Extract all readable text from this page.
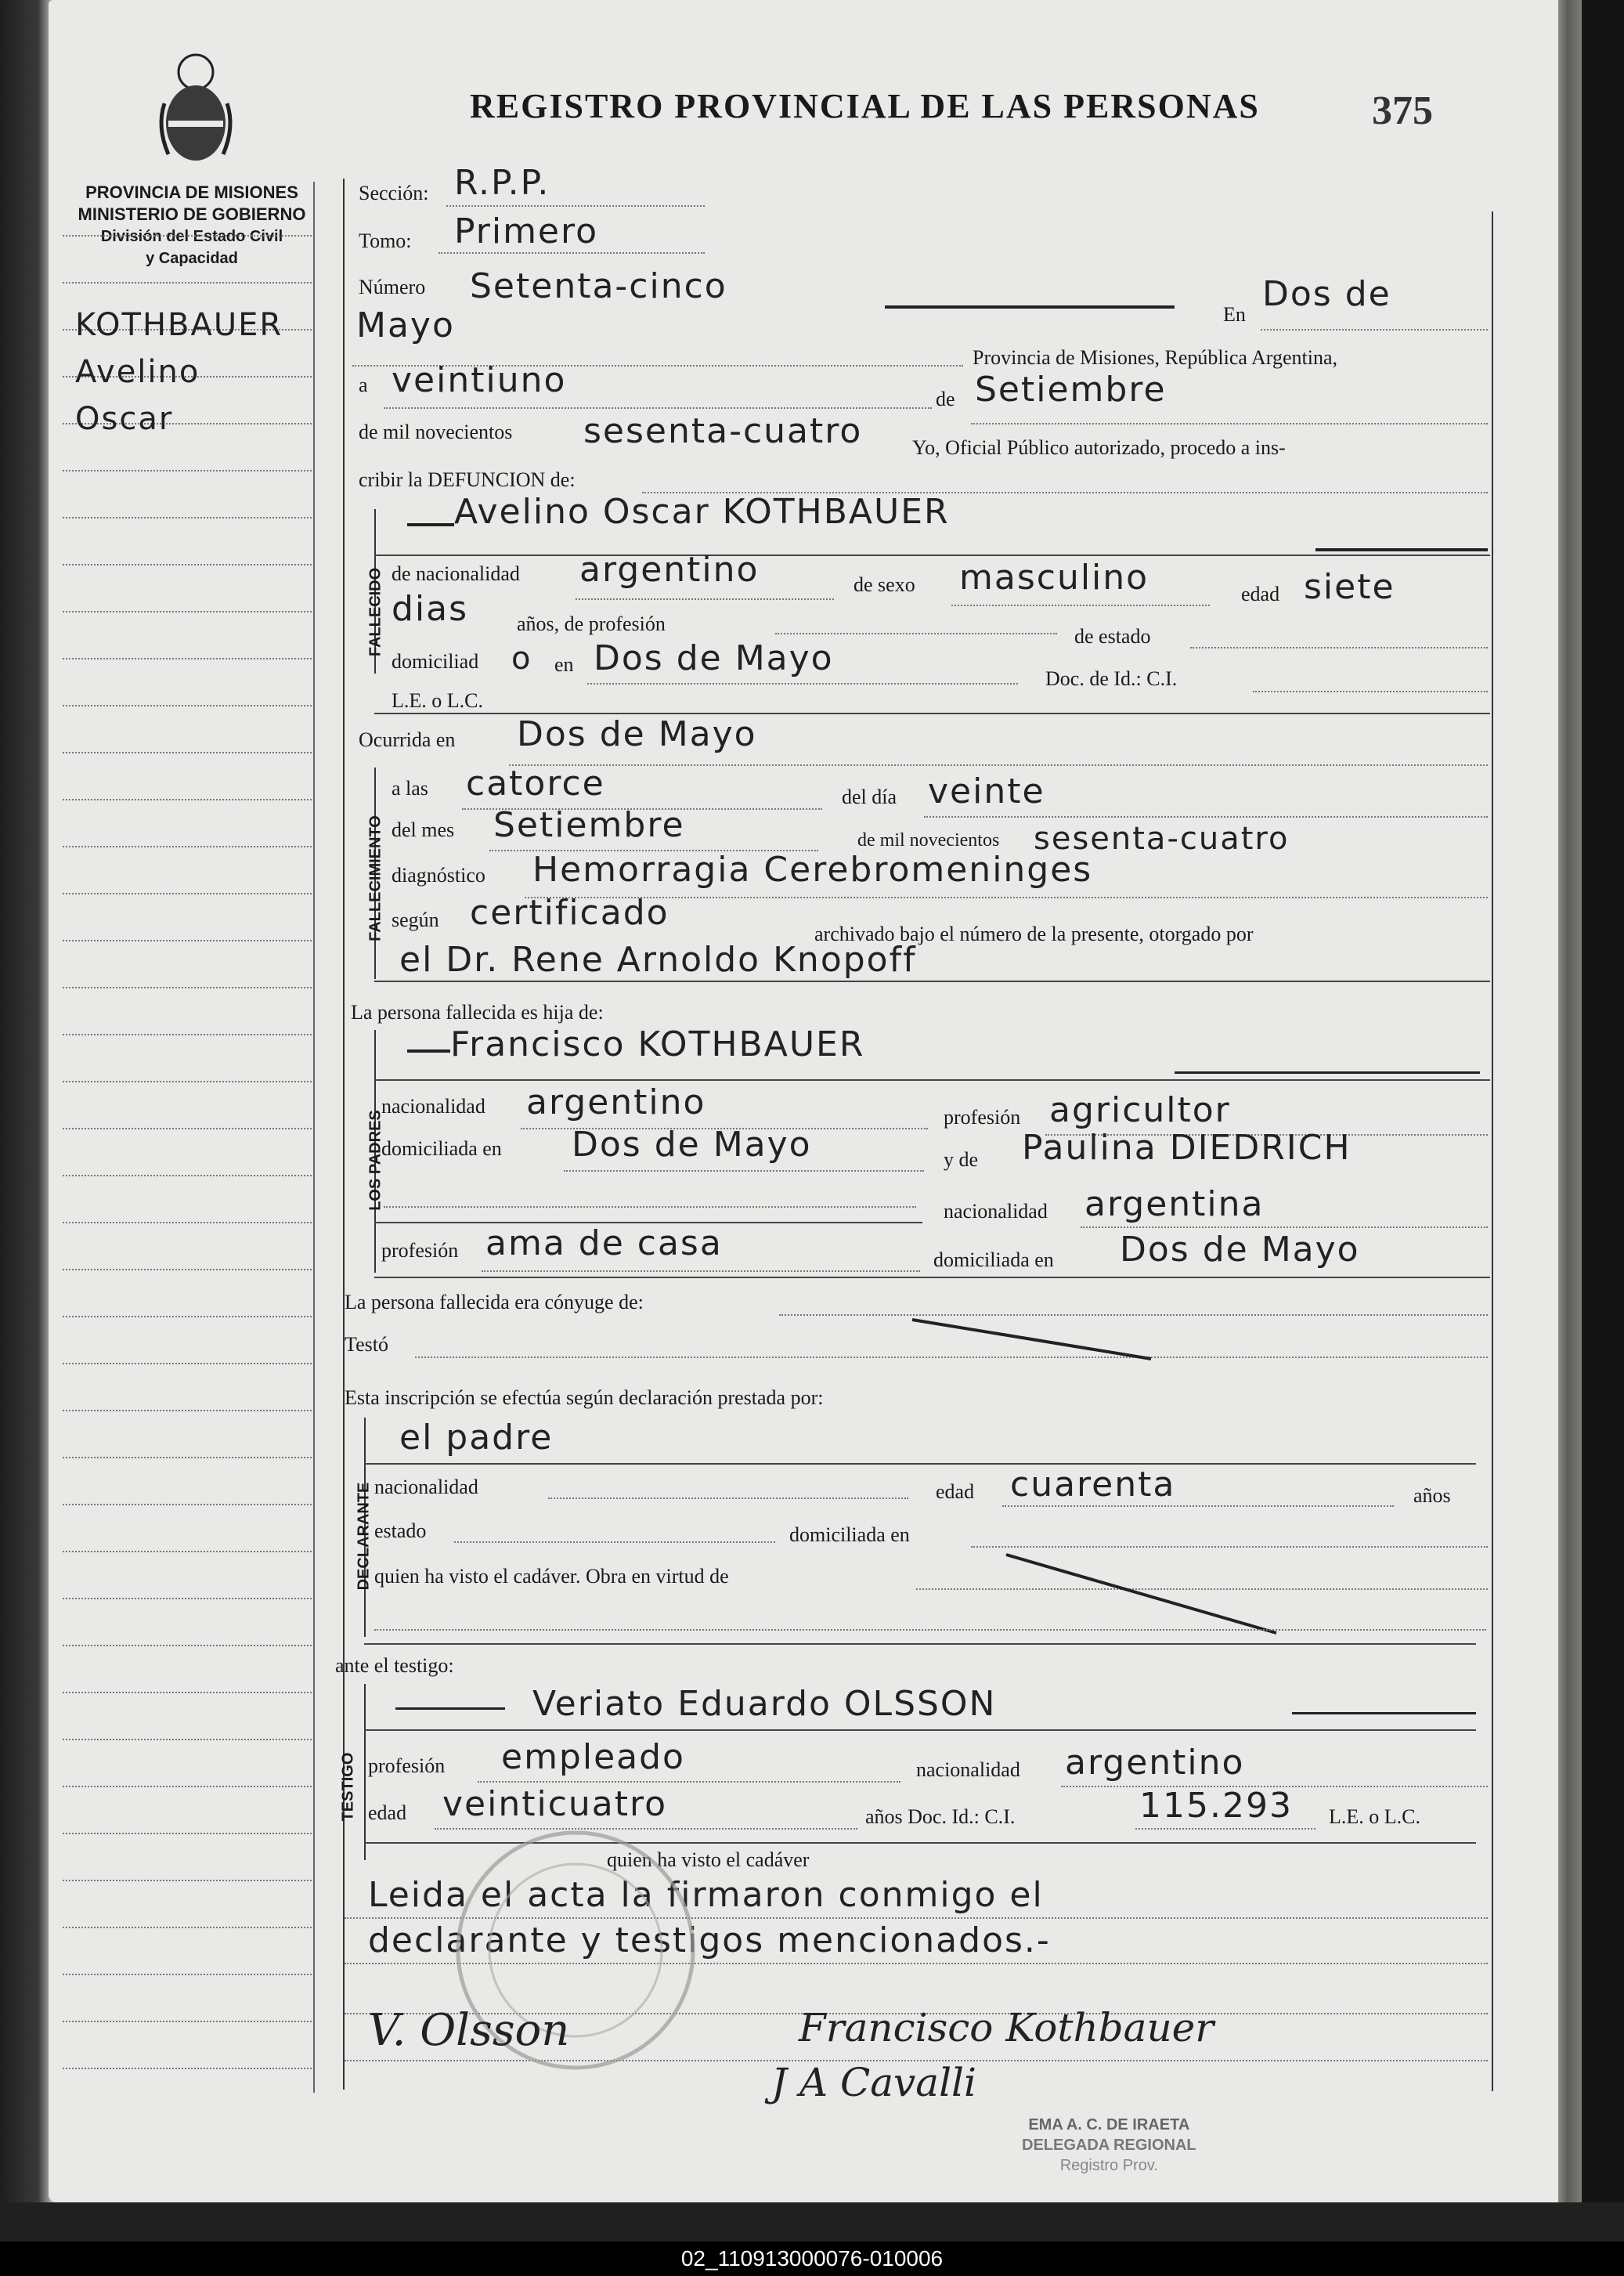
REGISTRO PROVINCIAL DE LAS PERSONAS	375
PROVINCIA DE MISIONES
MINISTERIO DE GOBIERNO
División del Estado Civil
y Capacidad
KOTHBAUER
Avelino
Oscar
Sección: R.P.P.
Tomo: Primero
Número Setenta-cinco
En
Dos de
Mayo
Provincia de Misiones, República Argentina,
a veintiuno	de Setiembre
de mil novecientos sesenta-cuatro Yo, Oficial Público autorizado, procedo a ins-
cribir la DEFUNCION de:
FALLECIDO
Avelino Oscar KOTHBAUER
de nacionalidad argentino	de sexo masculino	edad siete
dias años, de profesión
de estado
domiciliad o en Dos de Mayo
Doc. de Id.: C.I.
L.E. o L.C.
Ocurrida en Dos de Mayo
FALLECIMIENTO
a las catorce	del día veinte
del mes Setiembre	de mil novecientos sesenta-cuatro
diagnóstico Hemorragia Cerebromeninges
según certificado
archivado bajo el número de la presente, otorgado por
el Dr. Rene Arnoldo Knopoff
La persona fallecida es hija de:
LOS PADRES
Francisco KOTHBAUER
nacionalidad argentino	profesión agricultor
domiciliada en Dos de Mayo	y de Paulina DIEDRICH
nacionalidad argentina
profesión ama de casa	domiciliada en Dos de Mayo
La persona fallecida era cónyuge de:
Testó
Esta inscripción se efectúa según declaración prestada por:
DECLARANTE
el padre
nacionalidad	edad cuarenta	años
estado	domiciliada en
quien ha visto el cadáver. Obra en virtud de
ante el testigo:
TESTIGO
Veriato Eduardo OLSSON
profesión empleado	nacionalidad argentino
edad veinticuatro	años Doc. Id.: C.I.	115.293 L.E. o L.C.
quien ha visto el cadáver
Leida el acta la firmaron conmigo el
declarante y testigos mencionados.-
V. Olsson	Francisco Kothbauer
J A Cavalli
EMA A. C. DE IRAETA
DELEGADA REGIONAL
Registro Prov.
02_110913000076-010006
